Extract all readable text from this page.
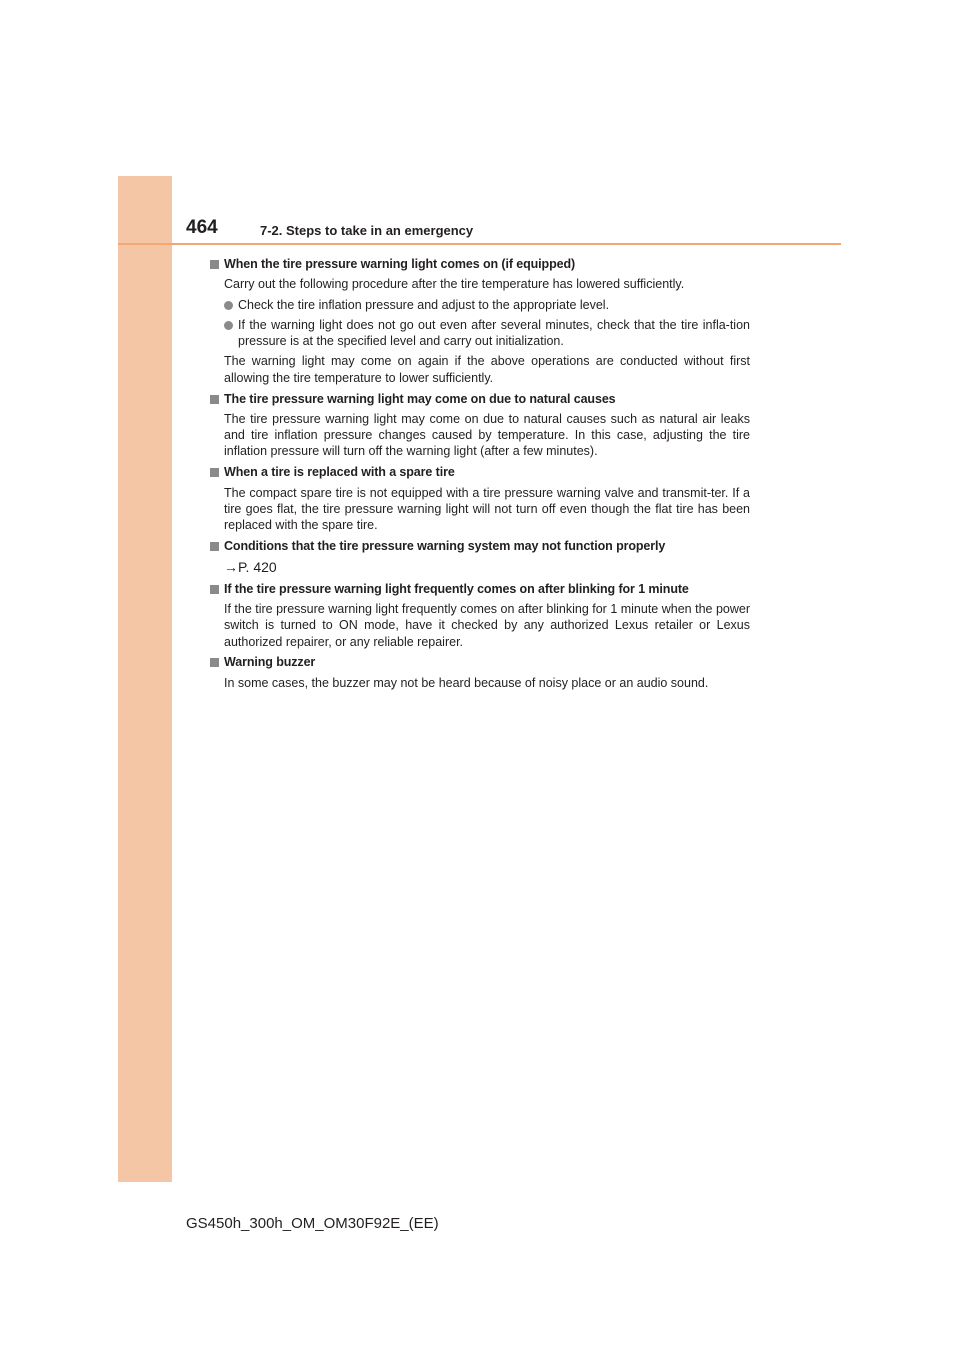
464	7-2. Steps to take in an emergency
When the tire pressure warning light comes on (if equipped)
Carry out the following procedure after the tire temperature has lowered sufficiently.
Check the tire inflation pressure and adjust to the appropriate level.
If the warning light does not go out even after several minutes, check that the tire infla-tion pressure is at the specified level and carry out initialization.
The warning light may come on again if the above operations are conducted without first allowing the tire temperature to lower sufficiently.
The tire pressure warning light may come on due to natural causes
The tire pressure warning light may come on due to natural causes such as natural air leaks and tire inflation pressure changes caused by temperature. In this case, adjusting the tire inflation pressure will turn off the warning light (after a few minutes).
When a tire is replaced with a spare tire
The compact spare tire is not equipped with a tire pressure warning valve and transmit-ter. If a tire goes flat, the tire pressure warning light will not turn off even though the flat tire has been replaced with the spare tire.
Conditions that the tire pressure warning system may not function properly
→P. 420
If the tire pressure warning light frequently comes on after blinking for 1 minute
If the tire pressure warning light frequently comes on after blinking for 1 minute when the power switch is turned to ON mode, have it checked by any authorized Lexus retailer or Lexus authorized repairer, or any reliable repairer.
Warning buzzer
In some cases, the buzzer may not be heard because of noisy place or an audio sound.
GS450h_300h_OM_OM30F92E_(EE)
